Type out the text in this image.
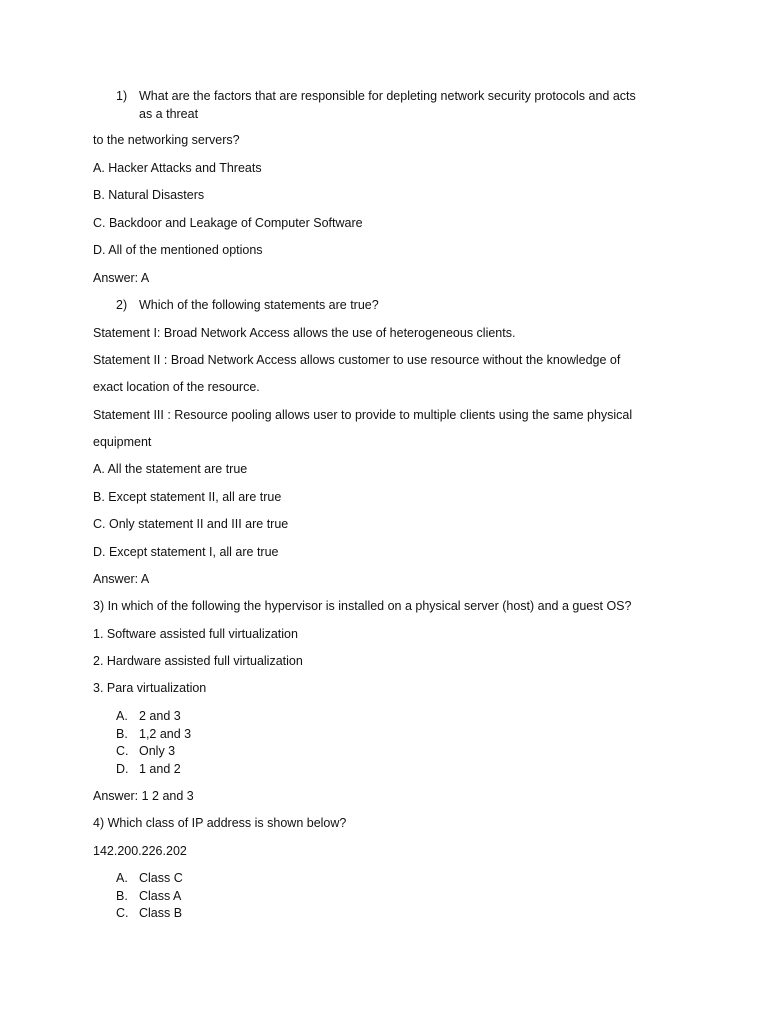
1) What are the factors that are responsible for depleting network security protocols and acts
as a threat
to the networking servers?
A. Hacker Attacks and Threats
B. Natural Disasters
C. Backdoor and Leakage of Computer Software
D. All of the mentioned options
Answer: A
2) Which of the following statements are true?
Statement I: Broad Network Access allows the use of heterogeneous clients.
Statement II : Broad Network Access allows customer to use resource without the knowledge of
exact location of the resource.
Statement III : Resource pooling allows user to provide to multiple clients using the same physical
equipment
A. All the statement are true
B. Except statement II, all are true
C. Only statement II and III are true
D. Except statement I, all are true
Answer: A
3) In which of the following the hypervisor is installed on a physical server (host) and a guest OS?
1. Software assisted full virtualization
2. Hardware assisted full virtualization
3. Para virtualization
A. 2 and 3
B. 1,2 and 3
C. Only 3
D. 1 and 2
Answer: 1 2 and 3
4) Which class of IP address is shown below?
142.200.226.202
A. Class C
B. Class A
C. Class B
